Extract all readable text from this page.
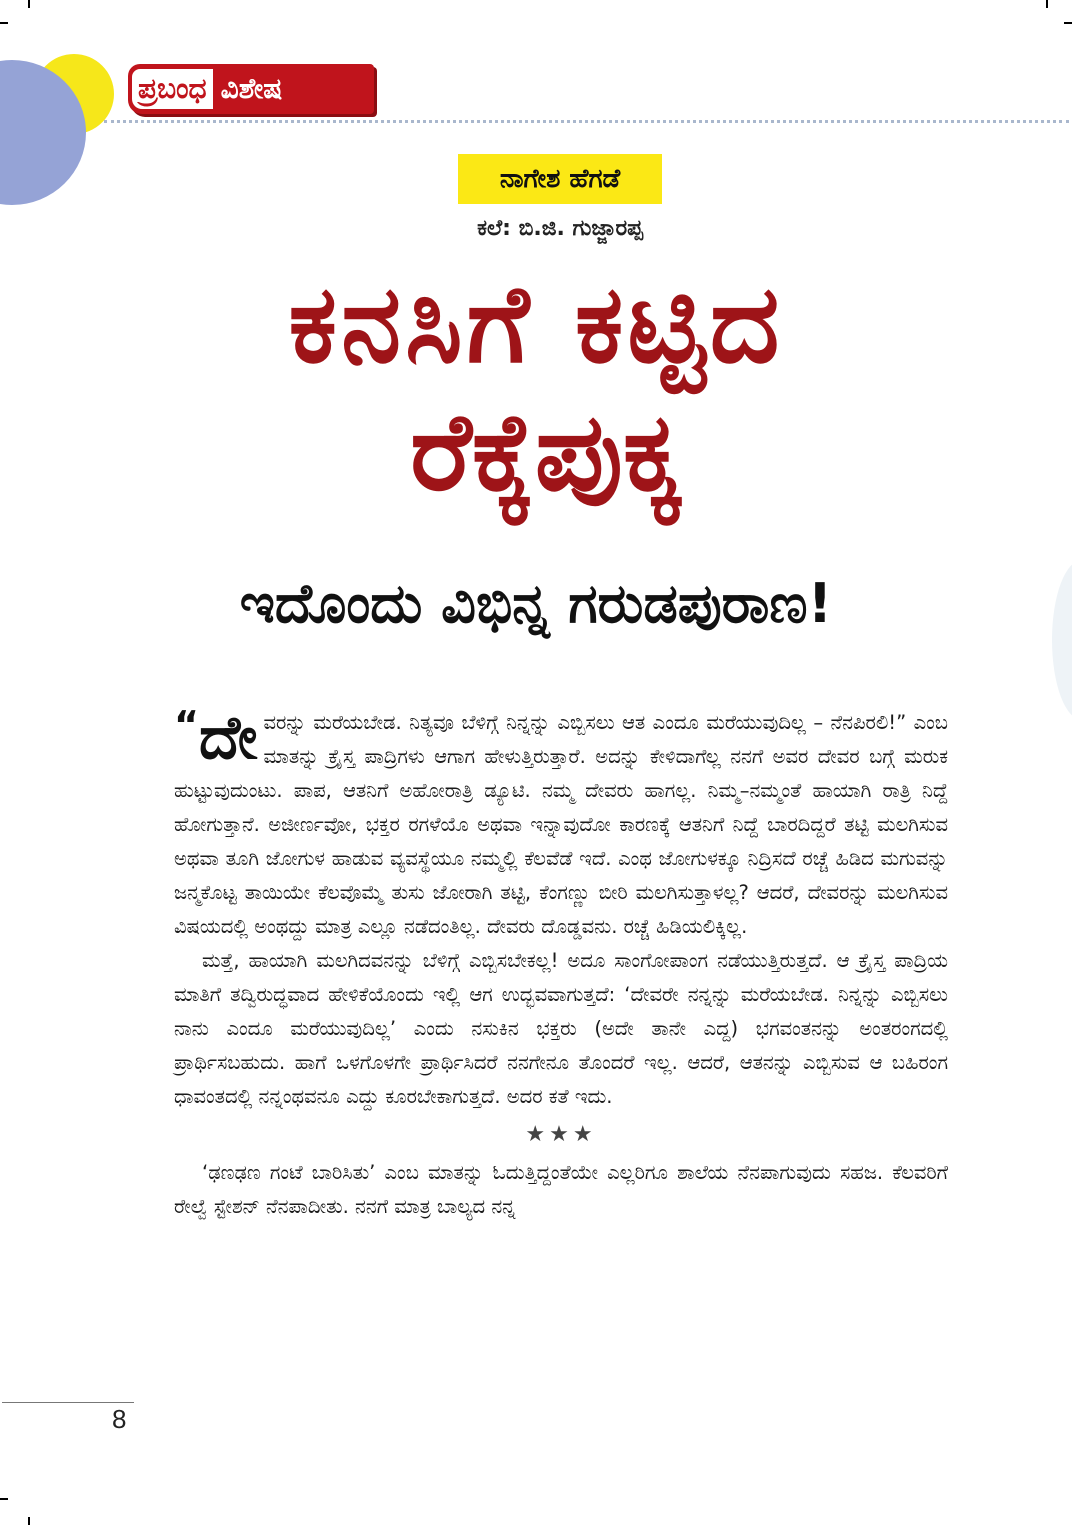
ಪ್ರಬಂಧ ವಿಶೇಷ
ನಾಗೇಶ ಹೆಗಡೆ
ಕಲೆ: ಬಿ.ಜಿ. ಗುಜ್ಜಾರಪ್ಪ
ಕನಸಿಗೆ ಕಟ್ಟಿದ
ರೆಕ್ಕೆಪುಕ್ಕ
ಇದೊಂದು ವಿಭಿನ್ನ ಗರುಡಪುರಾಣ!

“ದೇ ವರನ್ನು ಮರೆಯಬೇಡ. ನಿತ್ಯವೂ ಬೆಳಿಗ್ಗೆ ನಿನ್ನನ್ನು ಎಬ್ಬಿಸಲು ಆತ ಎಂದೂ ಮರೆಯುವುದಿಲ್ಲ – ನೆನಪಿರಲಿ!” ಎಂಬ ಮಾತನ್ನು ಕ್ರೈಸ್ತ ಪಾದ್ರಿಗಳು ಆಗಾಗ ಹೇಳುತ್ತಿರುತ್ತಾರೆ. ಅದನ್ನು ಕೇಳಿದಾಗೆಲ್ಲ ನನಗೆ ಅವರ ದೇವರ ಬಗ್ಗೆ ಮರುಕ ಹುಟ್ಟುವುದುಂಟು. ಪಾಪ, ಆತನಿಗೆ ಅಹೋರಾತ್ರಿ ಡ್ಯೂಟಿ. ನಮ್ಮ ದೇವರು ಹಾಗಲ್ಲ. ನಿಮ್ಮ–ನಮ್ಮಂತೆ ಹಾಯಾಗಿ ರಾತ್ರಿ ನಿದ್ದೆ ಹೋಗುತ್ತಾನೆ. ಅಜೀರ್ಣವೋ, ಭಕ್ತರ ರಗಳೆಯೊ ಅಥವಾ ಇನ್ನಾವುದೋ ಕಾರಣಕ್ಕೆ ಆತನಿಗೆ ನಿದ್ದೆ ಬಾರದಿದ್ದರೆ ತಟ್ಟಿ ಮಲಗಿಸುವ ಅಥವಾ ತೂಗಿ ಜೋಗುಳ ಹಾಡುವ ವ್ಯವಸ್ಥೆಯೂ ನಮ್ಮಲ್ಲಿ ಕೆಲವೆಡೆ ಇದೆ. ಎಂಥ ಜೋಗುಳಕ್ಕೂ ನಿದ್ರಿಸದೆ ರಚ್ಚೆ ಹಿಡಿದ ಮಗುವನ್ನು ಜನ್ಮಕೊಟ್ಟ ತಾಯಿಯೇ ಕೆಲವೊಮ್ಮೆ ತುಸು ಜೋರಾಗಿ ತಟ್ಟಿ, ಕೆಂಗಣ್ಣು ಬೀರಿ ಮಲಗಿಸುತ್ತಾಳಲ್ಲ? ಆದರೆ, ದೇವರನ್ನು ಮಲಗಿಸುವ ವಿಷಯದಲ್ಲಿ ಅಂಥದ್ದು ಮಾತ್ರ ಎಲ್ಲೂ ನಡೆದಂತಿಲ್ಲ. ದೇವರು ದೊಡ್ಡವನು. ರಚ್ಚೆ ಹಿಡಿಯಲಿಕ್ಕಿಲ್ಲ.

ಮತ್ತೆ, ಹಾಯಾಗಿ ಮಲಗಿದವನನ್ನು ಬೆಳಿಗ್ಗೆ ಎಬ್ಬಿಸಬೇಕಲ್ಲ! ಅದೂ ಸಾಂಗೋಪಾಂಗ ನಡೆಯುತ್ತಿರುತ್ತದೆ. ಆ ಕ್ರೈಸ್ತ ಪಾದ್ರಿಯ ಮಾತಿಗೆ ತದ್ವಿರುದ್ಧವಾದ ಹೇಳಿಕೆಯೊಂದು ಇಲ್ಲಿ ಆಗ ಉದ್ಭವವಾಗುತ್ತದೆ: ‘ದೇವರೇ ನನ್ನನ್ನು ಮರೆಯಬೇಡ. ನಿನ್ನನ್ನು ಎಬ್ಬಿಸಲು ನಾನು ಎಂದೂ ಮರೆಯುವುದಿಲ್ಲ’ ಎಂದು ನಸುಕಿನ ಭಕ್ತರು (ಅದೇ ತಾನೇ ಎದ್ದ) ಭಗವಂತನನ್ನು ಅಂತರಂಗದಲ್ಲಿ ಪ್ರಾರ್ಥಿಸಬಹುದು. ಹಾಗೆ ಒಳಗೊಳಗೇ ಪ್ರಾರ್ಥಿಸಿದರೆ ನನಗೇನೂ ತೊಂದರೆ ಇಲ್ಲ. ಆದರೆ, ಆತನನ್ನು ಎಬ್ಬಿಸುವ ಆ ಬಹಿರಂಗ ಧಾವಂತದಲ್ಲಿ ನನ್ನಂಥವನೂ ಎದ್ದು ಕೂರಬೇಕಾಗುತ್ತದೆ. ಅದರ ಕತೆ ಇದು.

★★★

‘ಢಣಢಣ ಗಂಟೆ ಬಾರಿಸಿತು’ ಎಂಬ ಮಾತನ್ನು ಓದುತ್ತಿದ್ದಂತೆಯೇ ಎಲ್ಲರಿಗೂ ಶಾಲೆಯ ನೆನಪಾಗುವುದು ಸಹಜ. ಕೆಲವರಿಗೆ ರೇಲ್ವೆ ಸ್ಟೇಶನ್ ನೆನಪಾದೀತು. ನನಗೆ ಮಾತ್ರ ಬಾಲ್ಯದ ನನ್ನ

8
